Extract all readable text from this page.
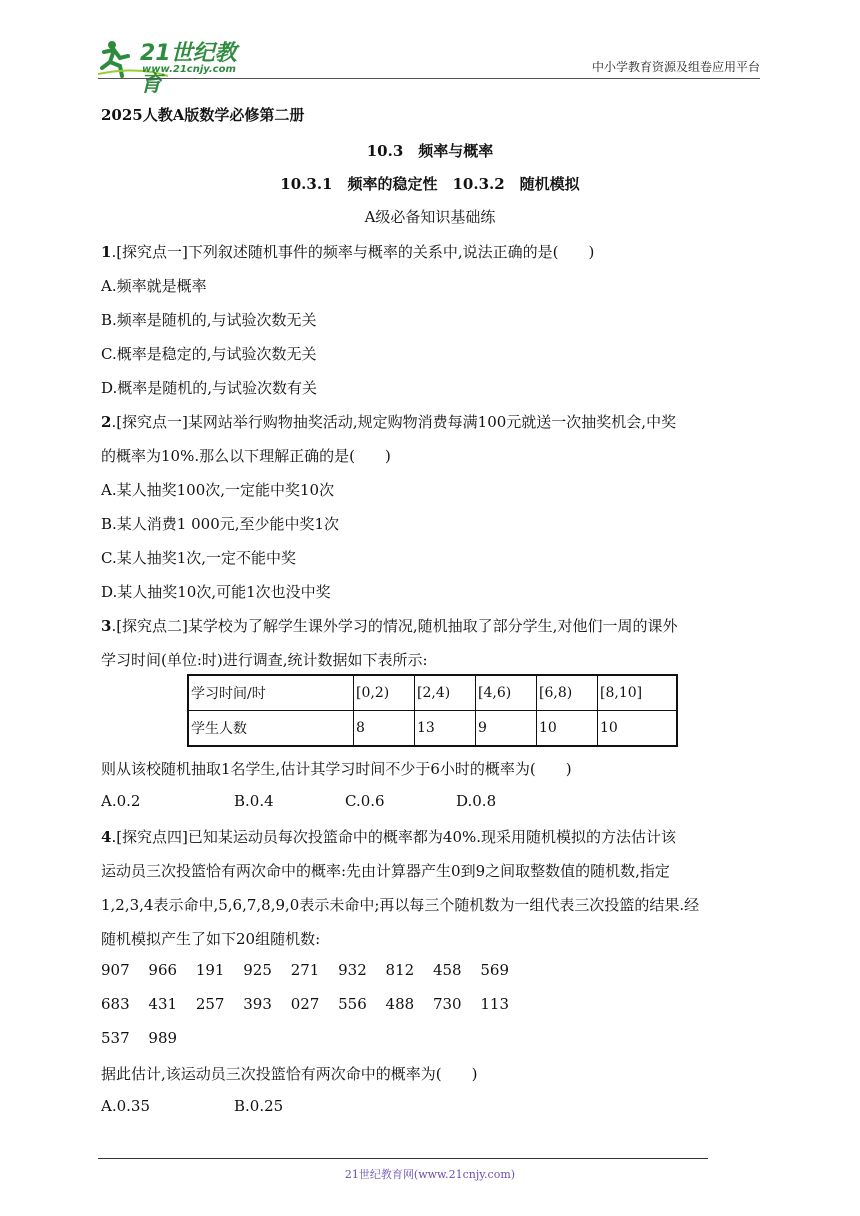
21世纪教育
www.21cnjy.com	中小学教育资源及组卷应用平台
2025人教A版数学必修第二册
10.3　频率与概率
10.3.1　频率的稳定性　10.3.2　随机模拟
A级必备知识基础练
1.[探究点一]下列叙述随机事件的频率与概率的关系中,说法正确的是(　　)
A.频率就是概率
B.频率是随机的,与试验次数无关
C.概率是稳定的,与试验次数无关
D.概率是随机的,与试验次数有关
2.[探究点一]某网站举行购物抽奖活动,规定购物消费每满100元就送一次抽奖机会,中奖
的概率为10%.那么以下理解正确的是(　　)
A.某人抽奖100次,一定能中奖10次
B.某人消费1 000元,至少能中奖1次
C.某人抽奖1次,一定不能中奖
D.某人抽奖10次,可能1次也没中奖
3.[探究点二]某学校为了解学生课外学习的情况,随机抽取了部分学生,对他们一周的课外
学习时间(单位:时)进行调查,统计数据如下表所示:
学习时间/时	[0,2)	[2,4)	[4,6)	[6,8)	[8,10]
学生人数	8	13	9	10	10
则从该校随机抽取1名学生,估计其学习时间不少于6小时的概率为(　　)
A.0.2	B.0.4	C.0.6	D.0.8
4.[探究点四]已知某运动员每次投篮命中的概率都为40%.现采用随机模拟的方法估计该
运动员三次投篮恰有两次命中的概率:先由计算器产生0到9之间取整数值的随机数,指定
1,2,3,4表示命中,5,6,7,8,9,0表示未命中;再以每三个随机数为一组代表三次投篮的结果.经
随机模拟产生了如下20组随机数:
907 966 191 925 271 932 812 458 569
683 431 257 393 027 556 488 730 113
537 989
据此估计,该运动员三次投篮恰有两次命中的概率为(　　)
A.0.35	B.0.25
21世纪教育网(www.21cnjy.com)
